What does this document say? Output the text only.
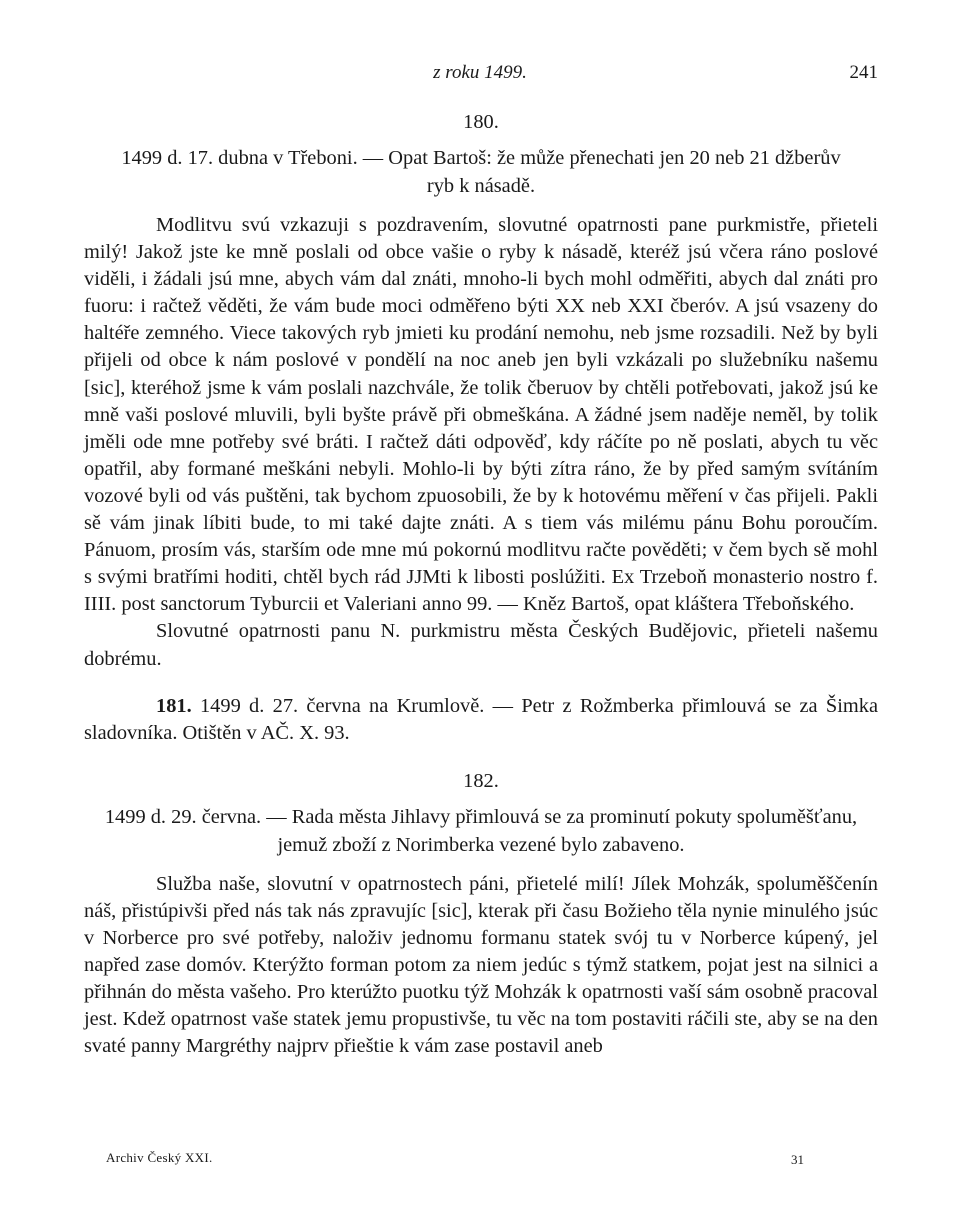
z roku 1499.	241
180.
1499 d. 17. dubna v Třeboni. — Opat Bartoš: že může přenechati jen 20 neb 21 džberův
ryb k násadě.

Modlitvu svú vzkazuji s pozdravením, slovutné opatrnosti pane purkmistře, přieteli milý! Jakož jste ke mně poslali od obce vašie o ryby k násadě, kteréž jsú včera ráno poslové viděli, i žádali jsú mne, abych vám dal znáti, mnoho-li bych mohl odměřiti, abych dal znáti pro fuoru: i račtež věděti, že vám bude moci odměřeno býti XX neb XXI čberóv. A jsú vsazeny do haltéře zemného. Viece takových ryb jmieti ku prodání nemohu, neb jsme rozsadili. Než by byli přijeli od obce k nám poslové v pondělí na noc aneb jen byli vzkázali po služebníku našemu [sic], kteréhož jsme k vám poslali nazchvále, že tolik čberuov by chtěli potřebovati, jakož jsú ke mně vaši poslové mluvili, byli byšte právě při obmeškána. A žádné jsem naděje neměl, by tolik jměli ode mne potřeby své bráti. I račtež dáti odpověď, kdy ráčíte po ně poslati, abych tu věc opatřil, aby formané meškáni nebyli. Mohlo-li by býti zítra ráno, že by před samým svítáním vozové byli od vás puštěni, tak bychom zpuosobili, že by k hotovému měření v čas přijeli. Pakli sě vám jinak líbiti bude, to mi také dajte znáti. A s tiem vás milému pánu Bohu poroučím. Pánuom, prosím vás, starším ode mne mú pokornú modlitvu račte pověděti; v čem bych sě mohl s svými bratřími hoditi, chtěl bych rád JJMti k libosti poslúžiti. Ex Trzeboň monasterio nostro f. IIII. post sanctorum Tyburcii et Valeriani anno 99. — Kněz Bartoš, opat kláštera Třeboňského.

Slovutné opatrnosti panu N. purkmistru města Českých Budějovic, přieteli našemu dobrému.

181. 1499 d. 27. června na Krumlově. — Petr z Rožmberka přimlouvá se za Šimka sladovníka. Otištěn v AČ. X. 93.

182.
1499 d. 29. června. — Rada města Jihlavy přimlouvá se za prominutí pokuty spoluměšťanu,
jemuž zboží z Norimberka vezené bylo zabaveno.

Služba naše, slovutní v opatrnostech páni, přietelé milí! Jílek Mohzák, spoluměščenín náš, přistúpivši před nás tak nás zpravujíc [sic], kterak při času Božieho těla nynie minulého jsúc v Norberce pro své potřeby, naloživ jednomu formanu statek svój tu v Norberce kúpený, jel napřed zase domóv. Kterýžto forman potom za niem jedúc s týmž statkem, pojat jest na silnici a přihnán do města vašeho. Pro kterúžto puotku týž Mohzák k opatrnosti vaší sám osobně pracoval jest. Kdež opatrnost vaše statek jemu propustivše, tu věc na tom postaviti ráčili ste, aby se na den svaté panny Margréthy najprv přieštie k vám zase postavil aneb

Archiv Český XXI.	31
